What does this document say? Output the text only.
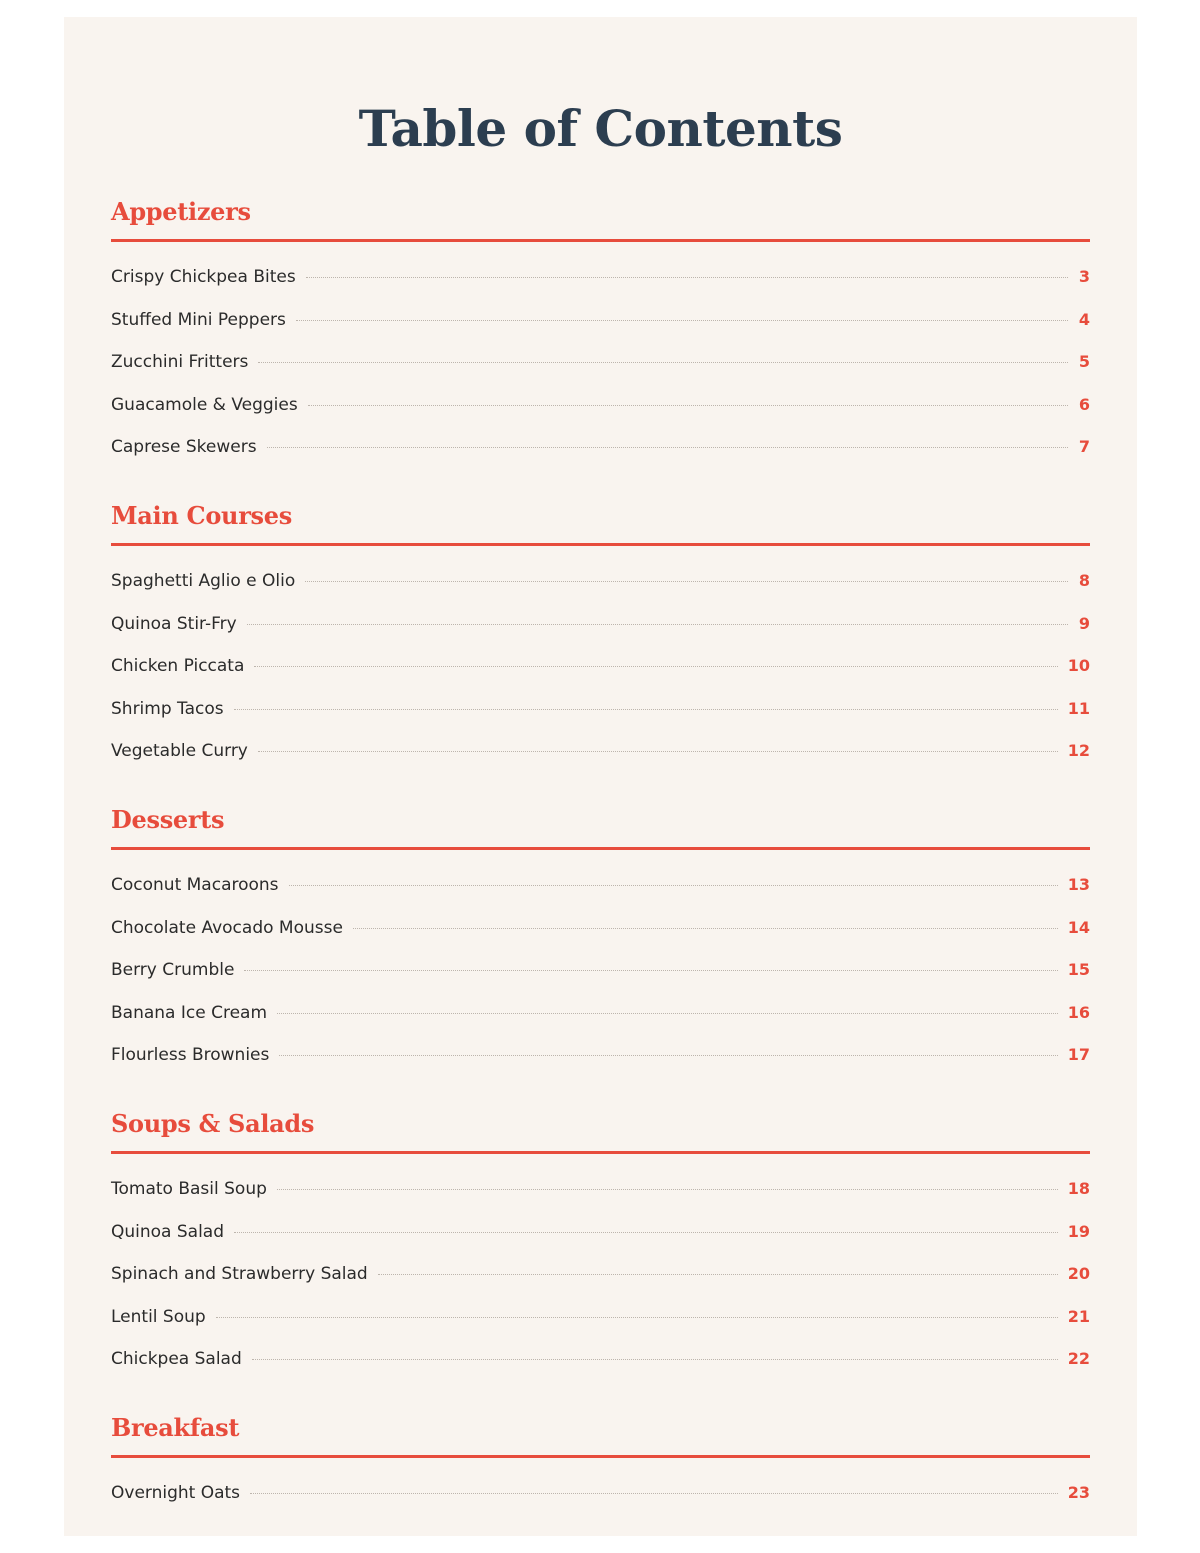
Table of Contents
Appetizers
Crispy Chickpea Bites	3
Stuffed Mini Peppers	4
Zucchini Fritters	5
Guacamole & Veggies	6
Caprese Skewers	7
Main Courses
Spaghetti Aglio e Olio	8
Quinoa Stir-Fry	9
Chicken Piccata	10
Shrimp Tacos	11
Vegetable Curry	12
Desserts
Coconut Macaroons	13
Chocolate Avocado Mousse	14
Berry Crumble	15
Banana Ice Cream	16
Flourless Brownies	17
Soups & Salads
Tomato Basil Soup	18
Quinoa Salad	19
Spinach and Strawberry Salad	20
Lentil Soup	21
Chickpea Salad	22
Breakfast
Overnight Oats	23
